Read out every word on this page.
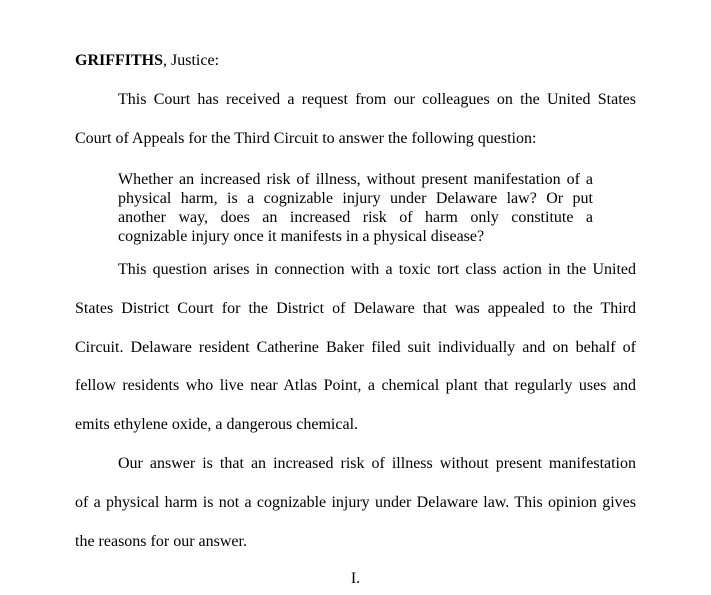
GRIFFITHS, Justice:
This Court has received a request from our colleagues on the United States
Court of Appeals for the Third Circuit to answer the following question:
Whether an increased risk of illness, without present manifestation of a
physical harm, is a cognizable injury under Delaware law? Or put
another way, does an increased risk of harm only constitute a
cognizable injury once it manifests in a physical disease?
This question arises in connection with a toxic tort class action in the United
States District Court for the District of Delaware that was appealed to the Third
Circuit. Delaware resident Catherine Baker filed suit individually and on behalf of
fellow residents who live near Atlas Point, a chemical plant that regularly uses and
emits ethylene oxide, a dangerous chemical.
Our answer is that an increased risk of illness without present manifestation
of a physical harm is not a cognizable injury under Delaware law. This opinion gives
the reasons for our answer.
I.
